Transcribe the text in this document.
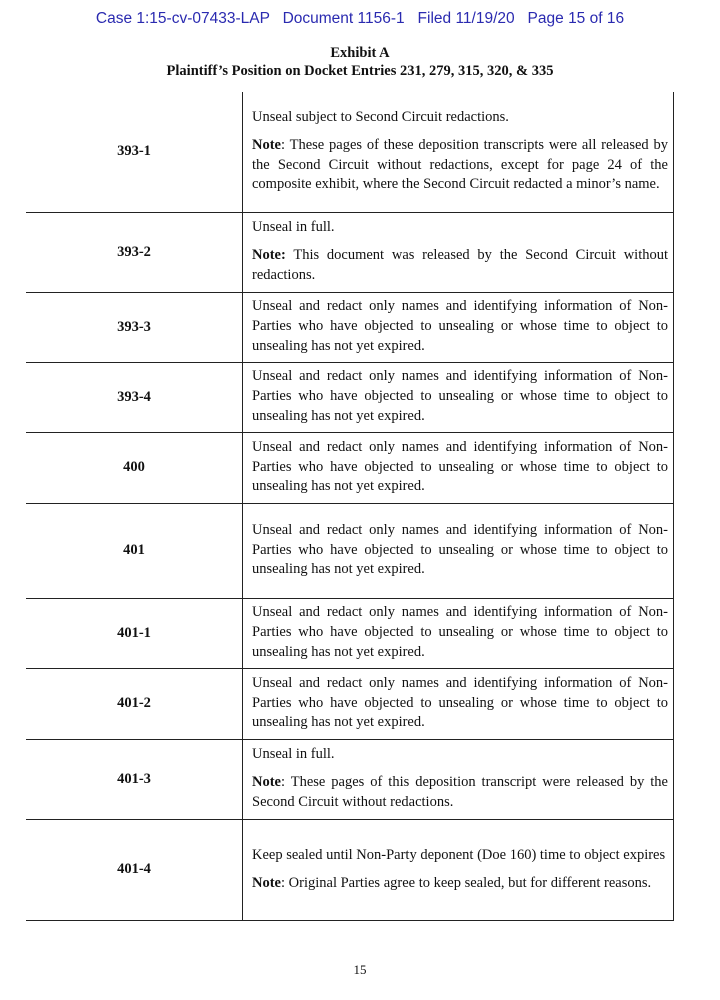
Case 1:15-cv-07433-LAP   Document 1156-1   Filed 11/19/20   Page 15 of 16
Exhibit A
Plaintiff’s Position on Docket Entries 231, 279, 315, 320, & 335
393-1	Unseal subject to Second Circuit redactions.
Note: These pages of these deposition transcripts were all released by the Second Circuit without redactions, except for page 24 of the composite exhibit, where the Second Circuit redacted a minor’s name.

393-2	Unseal in full.
Note: This document was released by the Second Circuit without redactions.

393-3	Unseal and redact only names and identifying information of Non-Parties who have objected to unsealing or whose time to object to unsealing has not yet expired.

393-4	Unseal and redact only names and identifying information of Non-Parties who have objected to unsealing or whose time to object to unsealing has not yet expired.

400	Unseal and redact only names and identifying information of Non-Parties who have objected to unsealing or whose time to object to unsealing has not yet expired.

401	Unseal and redact only names and identifying information of Non-Parties who have objected to unsealing or whose time to object to unsealing has not yet expired.

401-1	Unseal and redact only names and identifying information of Non-Parties who have objected to unsealing or whose time to object to unsealing has not yet expired.

401-2	Unseal and redact only names and identifying information of Non-Parties who have objected to unsealing or whose time to object to unsealing has not yet expired.

401-3	Unseal in full.
Note: These pages of this deposition transcript were released by the Second Circuit without redactions.

401-4	Keep sealed until Non-Party deponent (Doe 160) time to object expires
Note: Original Parties agree to keep sealed, but for different reasons.
15
